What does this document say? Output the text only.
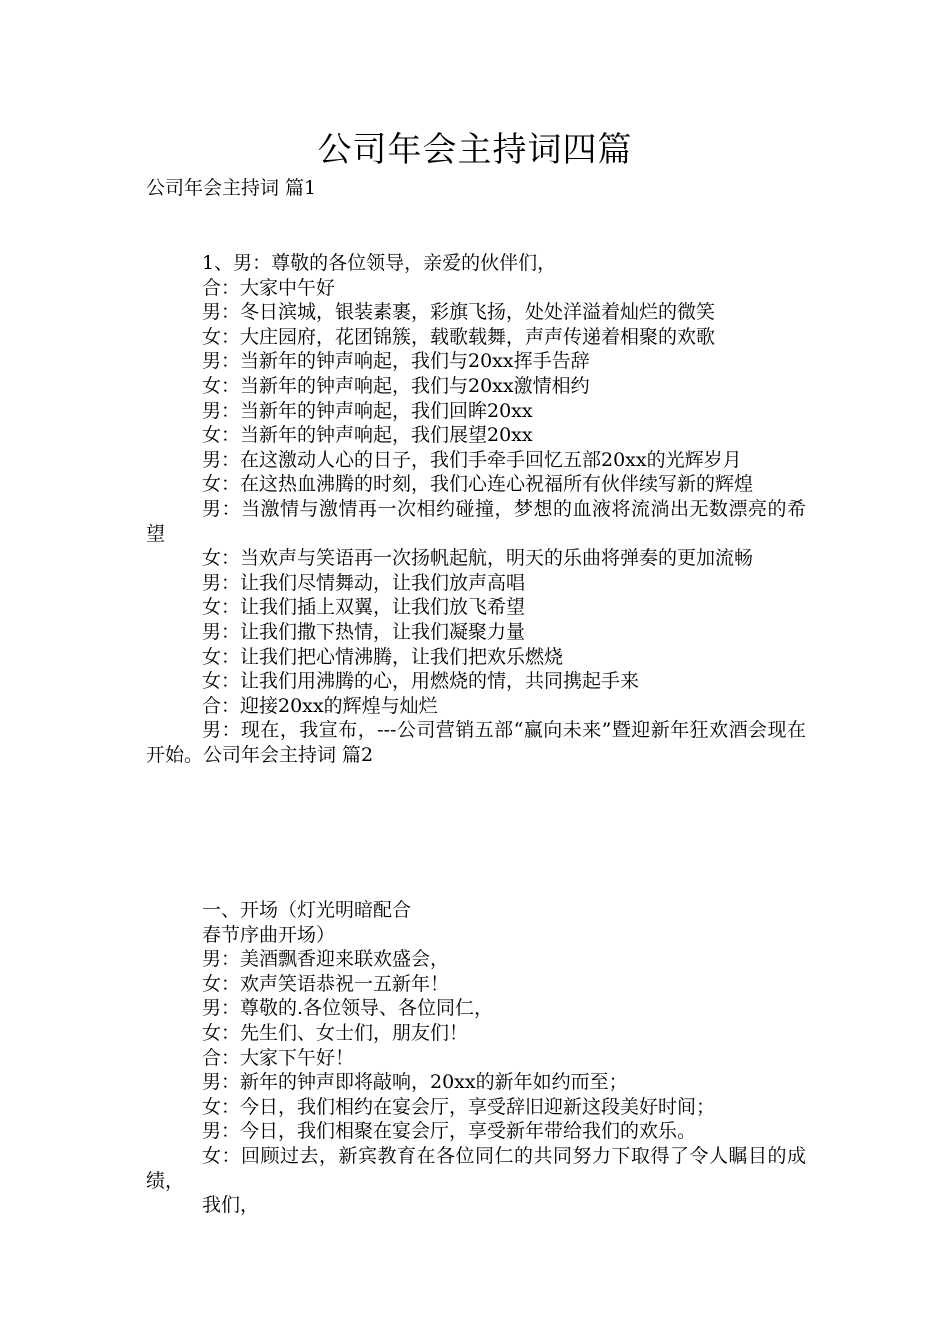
公司年会主持词四篇
公司年会主持词 篇1

1、男：尊敬的各位领导，亲爱的伙伴们，

合：大家中午好

男：冬日滨城，银装素裹，彩旗飞扬，处处洋溢着灿烂的微笑

女：大庄园府，花团锦簇，载歌载舞，声声传递着相聚的欢歌

男：当新年的钟声响起，我们与20xx挥手告辞

女：当新年的钟声响起，我们与20xx激情相约

男：当新年的钟声响起，我们回眸20xx

女：当新年的钟声响起，我们展望20xx

男：在这激动人心的日子，我们手牵手回忆五部20xx的光辉岁月

女：在这热血沸腾的时刻，我们心连心祝福所有伙伴续写新的辉煌

男：当激情与激情再一次相约碰撞，梦想的血液将流淌出无数漂亮的希望

女：当欢声与笑语再一次扬帆起航，明天的乐曲将弹奏的更加流畅

男：让我们尽情舞动，让我们放声高唱

女：让我们插上双翼，让我们放飞希望

男：让我们撒下热情，让我们凝聚力量

女：让我们把心情沸腾，让我们把欢乐燃烧

女：让我们用沸腾的心，用燃烧的情，共同携起手来

合：迎接20xx的辉煌与灿烂

男：现在，我宣布，---公司营销五部“赢向未来”暨迎新年狂欢酒会现在开始。公司年会主持词 篇2

一、开场（灯光明暗配合

春节序曲开场）

男：美酒飘香迎来联欢盛会，

女：欢声笑语恭祝一五新年！

男：尊敬的.各位领导、各位同仁，

女：先生们、女士们，朋友们！

合：大家下午好！

男：新年的钟声即将敲响，20xx的新年如约而至；

女：今日，我们相约在宴会厅，享受辞旧迎新这段美好时间；

男：今日，我们相聚在宴会厅，享受新年带给我们的欢乐。

女：回顾过去，新宾教育在各位同仁的共同努力下取得了令人瞩目的成绩，

我们，
